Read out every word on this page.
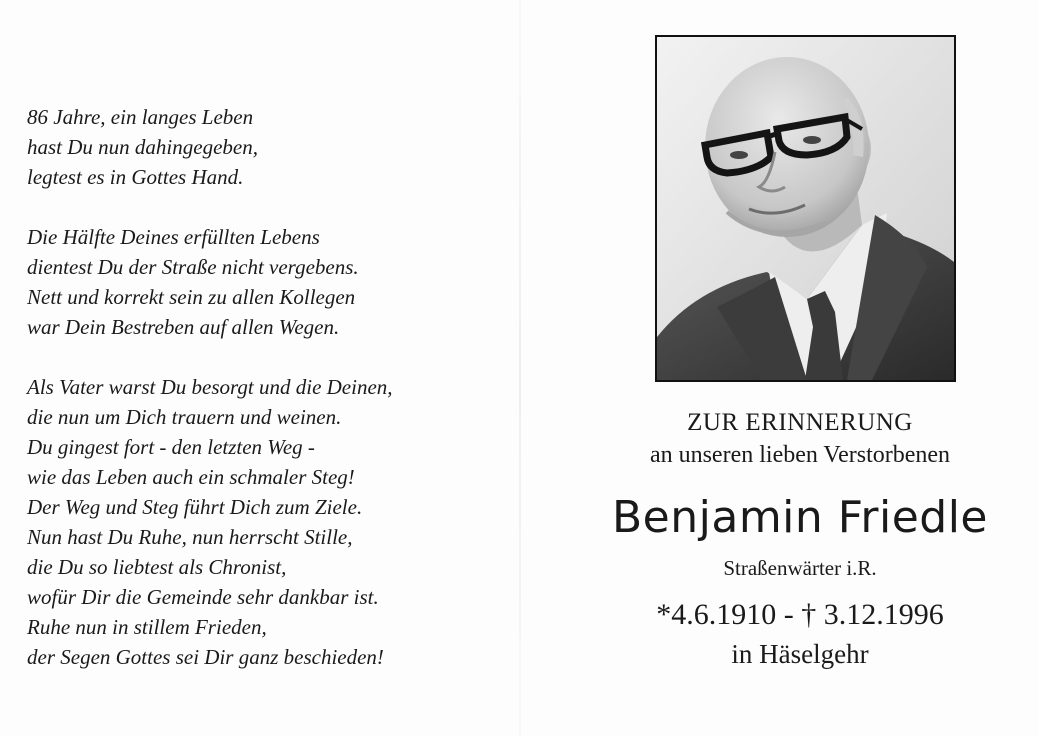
86 Jahre, ein langes Leben
hast Du nun dahingegeben,
legtest es in Gottes Hand.
Die Hälfte Deines erfüllten Lebens
dientest Du der Straße nicht vergebens.
Nett und korrekt sein zu allen Kollegen
war Dein Bestreben auf allen Wegen.
Als Vater warst Du besorgt und die Deinen,
die nun um Dich trauern und weinen.
Du gingest fort - den letzten Weg -
wie das Leben auch ein schmaler Steg!
Der Weg und Steg führt Dich zum Ziele.
Nun hast Du Ruhe, nun herrscht Stille,
die Du so liebtest als Chronist,
wofür Dir die Gemeinde sehr dankbar ist.
Ruhe nun in stillem Frieden,
der Segen Gottes sei Dir ganz beschieden!
ZUR ERINNERUNG
an unseren lieben Verstorbenen
Benjamin Friedle
Straßenwärter i.R.
*4.6.1910 - † 3.12.1996
in Häselgehr
